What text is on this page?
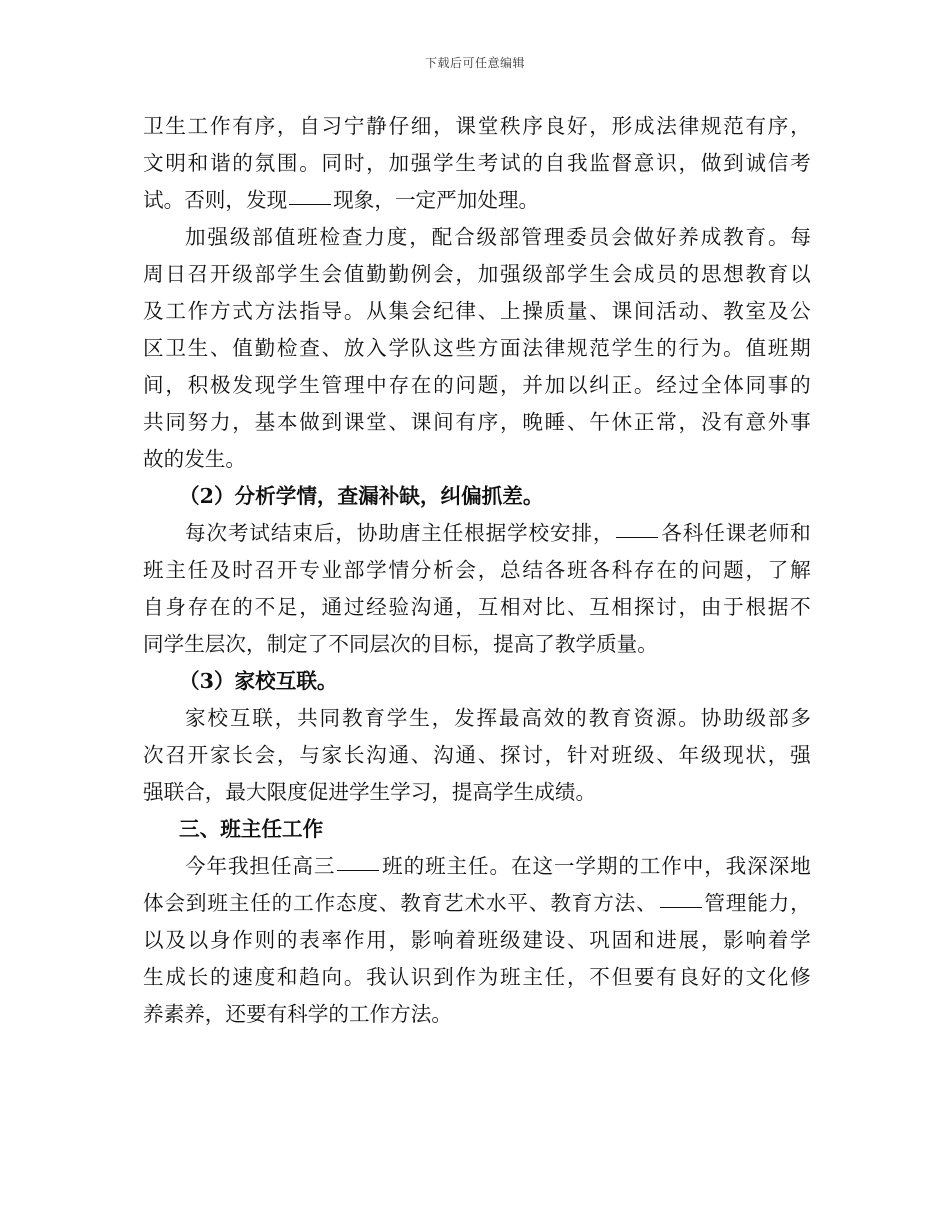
下载后可任意编辑
卫 生 工 作 有 序 ， 自 习 宁 静 仔 细 ， 课 堂 秩 序 良 好 ， 形 成 法 律 规 范 有 序 ，
文 明 和 谐 的 氛 围 。 同 时 ， 加 强 学 生 考 试 的 自 我 监 督 意 识 ， 做 到 诚 信 考
试 。 否 则 ， 发 现 现 象 ， 一 定 严 加 处 理 。
加 强 级 部 值 班 检 查 力 度 ， 配 合 级 部 管 理 委 员 会 做 好 养 成 教 育 。 每
周 日 召 开 级 部 学 生 会 值 勤 勤 例 会 ， 加 强 级 部 学 生 会 成 员 的 思 想 教 育 以
及 工 作 方 式 方 法 指 导 。 从 集 会 纪 律 、 上 操 质 量 、 课 间 活 动 、 教 室 及 公
区 卫 生 、 值 勤 检 查 、 放 入 学 队 这 些 方 面 法 律 规 范 学 生 的 行 为 。 值 班 期
间 ， 积 极 发 现 学 生 管 理 中 存 在 的 问 题 ， 并 加 以 纠 正 。 经 过 全 体 同 事 的
共 同 努 力 ， 基 本 做 到 课 堂 、 课 间 有 序 ， 晚 睡 、 午 休 正 常 ， 没 有 意 外 事
故 的 发 生 。
（ 2 ） 分 析 学 情 ， 查 漏 补 缺 ， 纠 偏 抓 差 。
每 次 考 试 结 束 后 ， 协 助 唐 主 任 根 据 学 校 安 排 ， 各 科 任 课 老 师 和
班 主 任 及 时 召 开 专 业 部 学 情 分 析 会 ， 总 结 各 班 各 科 存 在 的 问 题 ， 了 解
自 身 存 在 的 不 足 ， 通 过 经 验 沟 通 ， 互 相 对 比 、 互 相 探 讨 ， 由 于 根 据 不
同 学 生 层 次 ， 制 定 了 不 同 层 次 的 目 标 ， 提 高 了 教 学 质 量 。
（ 3 ） 家 校 互 联 。
家 校 互 联 ， 共 同 教 育 学 生 ， 发 挥 最 高 效 的 教 育 资 源 。 协 助 级 部 多
次 召 开 家 长 会 ， 与 家 长 沟 通 、 沟 通 、 探 讨 ， 针 对 班 级 、 年 级 现 状 ， 强
强 联 合 ， 最 大 限 度 促 进 学 生 学 习 ， 提 高 学 生 成 绩 。
三 、 班 主 任 工 作
今 年 我 担 任 高 三 班 的 班 主 任 。 在 这 一 学 期 的 工 作 中 ， 我 深 深 地
体 会 到 班 主 任 的 工 作 态 度 、 教 育 艺 术 水 平 、 教 育 方 法 、 管 理 能 力 ，
以 及 以 身 作 则 的 表 率 作 用 ， 影 响 着 班 级 建 设 、 巩 固 和 进 展 ， 影 响 着 学
生 成 长 的 速 度 和 趋 向 。 我 认 识 到 作 为 班 主 任 ， 不 但 要 有 良 好 的 文 化 修
养 素 养 ， 还 要 有 科 学 的 工 作 方 法 。
